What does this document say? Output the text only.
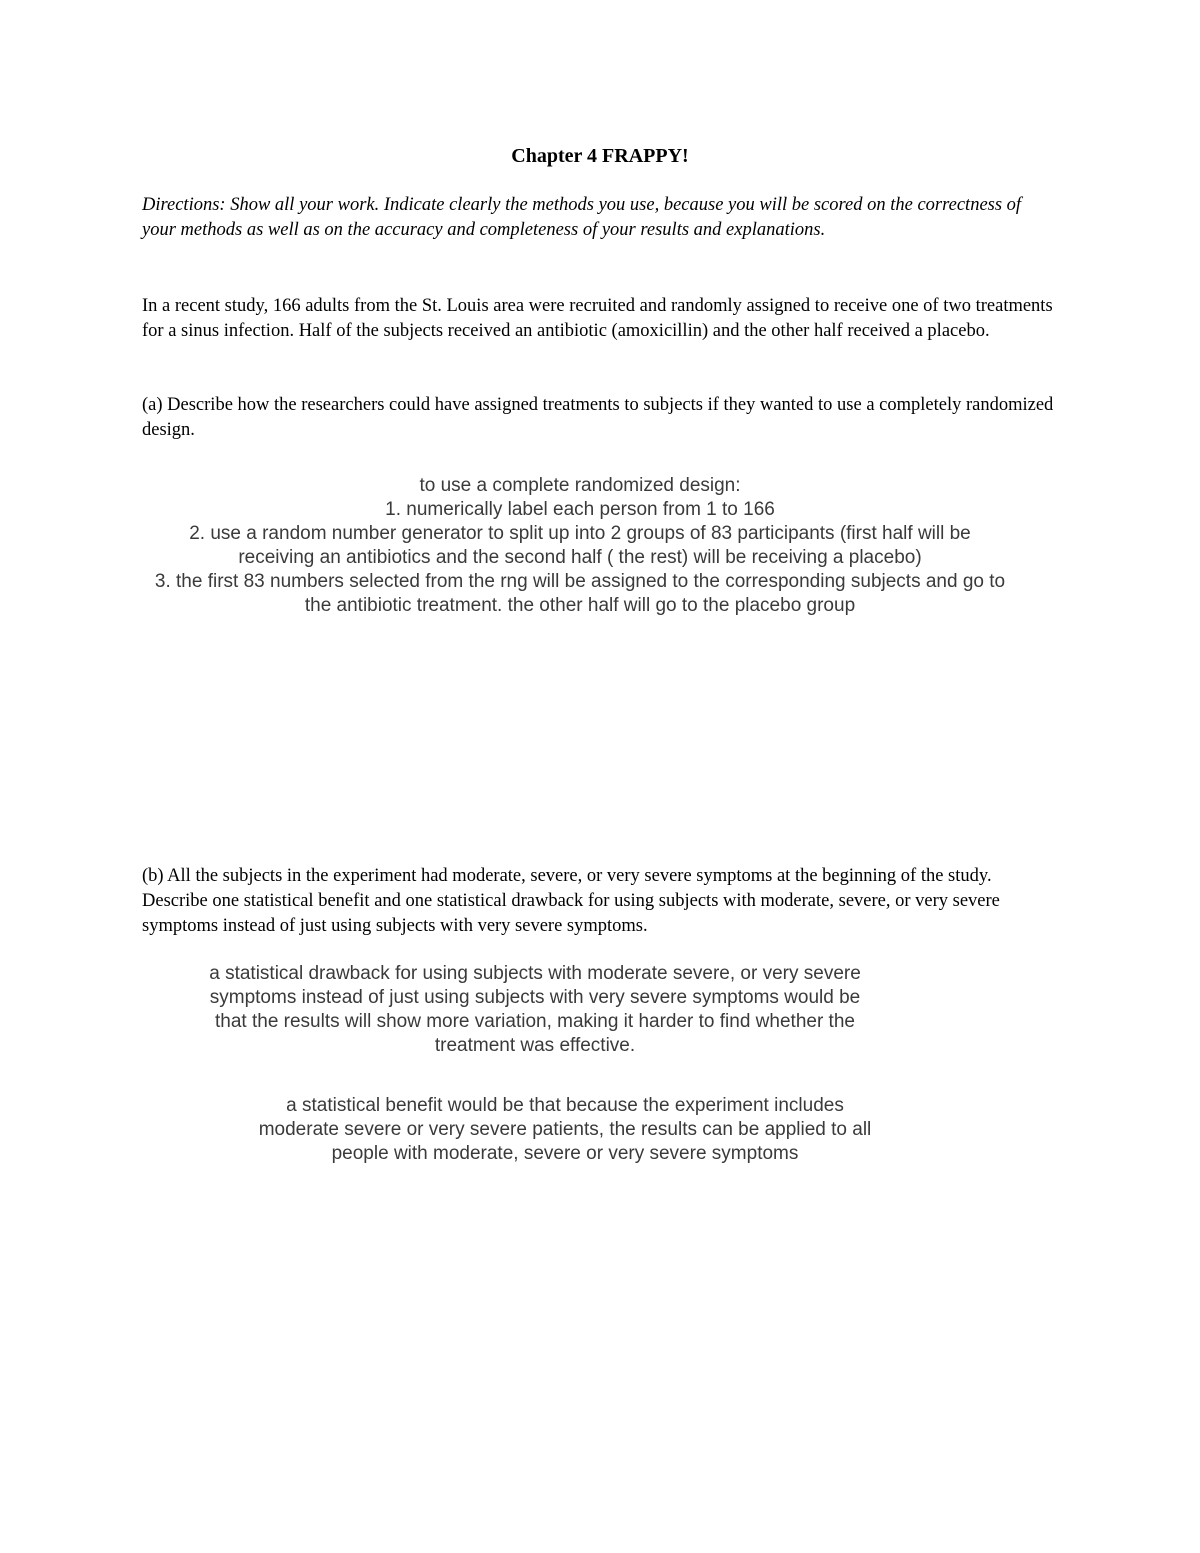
Chapter 4 FRAPPY!
Directions: Show all your work. Indicate clearly the methods you use, because you will be scored on the correctness of your methods as well as on the accuracy and completeness of your results and explanations.
In a recent study, 166 adults from the St. Louis area were recruited and randomly assigned to receive one of two treatments for a sinus infection. Half of the subjects received an antibiotic (amoxicillin) and the other half received a placebo.
(a) Describe how the researchers could have assigned treatments to subjects if they wanted to use a completely randomized design.
to use a complete randomized design:
1. numerically label each person from 1 to 166
2. use a random number generator to split up into 2 groups of 83 participants (first half will be
receiving an antibiotics and the second half ( the rest) will be receiving a placebo)
3. the first 83 numbers selected from the rng will be assigned to the corresponding subjects and go to
the antibiotic treatment. the other half will go to the placebo group
(b) All the subjects in the experiment had moderate, severe, or very severe symptoms at the beginning of the study. Describe one statistical benefit and one statistical drawback for using subjects with moderate, severe, or very severe symptoms instead of just using subjects with very severe symptoms.
a statistical drawback for using subjects with moderate severe, or very severe
symptoms instead of just using subjects with very severe symptoms would be
that the results will show more variation, making it harder to find whether the
treatment was effective.
a statistical benefit would be that because the experiment includes
moderate severe or very severe patients, the results can be applied to all
people with moderate, severe or very severe symptoms
